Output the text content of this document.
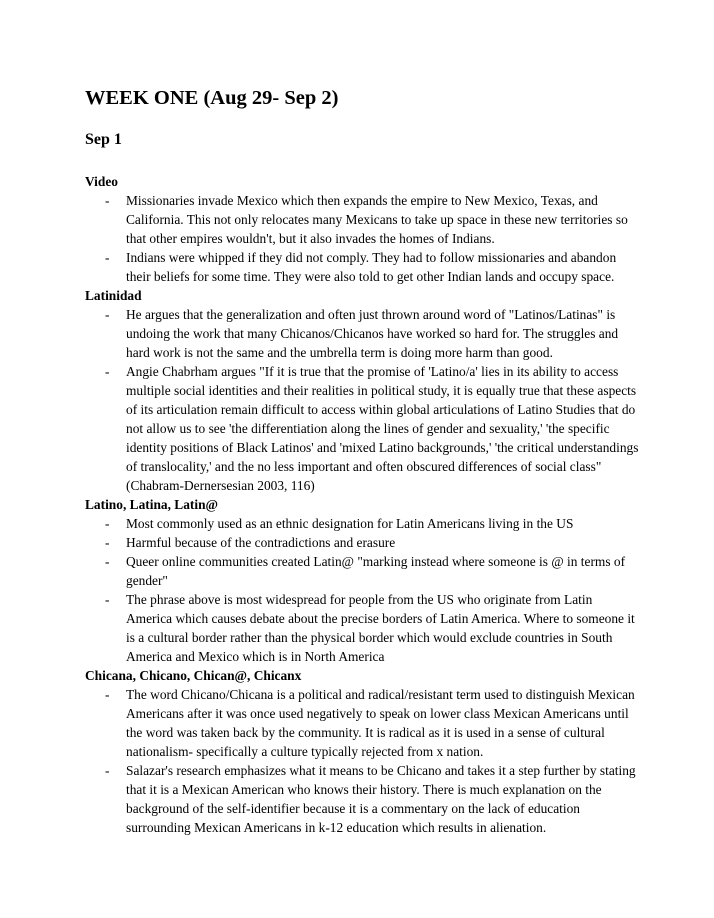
WEEK ONE (Aug 29- Sep 2)
Sep 1
Video
- Missionaries invade Mexico which then expands the empire to New Mexico, Texas, and California. This not only relocates many Mexicans to take up space in these new territories so that other empires wouldn't, but it also invades the homes of Indians.
- Indians were whipped if they did not comply. They had to follow missionaries and abandon their beliefs for some time. They were also told to get other Indian lands and occupy space.
Latinidad
- He argues that the generalization and often just thrown around word of "Latinos/Latinas" is undoing the work that many Chicanos/Chicanos have worked so hard for. The struggles and hard work is not the same and the umbrella term is doing more harm than good.
- Angie Chabrham argues "If it is true that the promise of 'Latino/a' lies in its ability to access multiple social identities and their realities in political study, it is equally true that these aspects of its articulation remain difficult to access within global articulations of Latino Studies that do not allow us to see 'the differentiation along the lines of gender and sexuality,' 'the specific identity positions of Black Latinos' and 'mixed Latino backgrounds,' 'the critical understandings of translocality,' and the no less important and often obscured differences of social class" (Chabram-Dernersesian 2003, 116)
Latino, Latina, Latin@
- Most commonly used as an ethnic designation for Latin Americans living in the US
- Harmful because of the contradictions and erasure
- Queer online communities created Latin@ "marking instead where someone is @ in terms of gender"
- The phrase above is most widespread for people from the US who originate from Latin America which causes debate about the precise borders of Latin America. Where to someone it is a cultural border rather than the physical border which would exclude countries in South America and Mexico which is in North America
Chicana, Chicano, Chican@, Chicanx
- The word Chicano/Chicana is a political and radical/resistant term used to distinguish Mexican Americans after it was once used negatively to speak on lower class Mexican Americans until the word was taken back by the community. It is radical as it is used in a sense of cultural nationalism- specifically a culture typically rejected from x nation.
- Salazar's research emphasizes what it means to be Chicano and takes it a step further by stating that it is a Mexican American who knows their history. There is much explanation on the background of the self-identifier because it is a commentary on the lack of education surrounding Mexican Americans in k-12 education which results in alienation.
